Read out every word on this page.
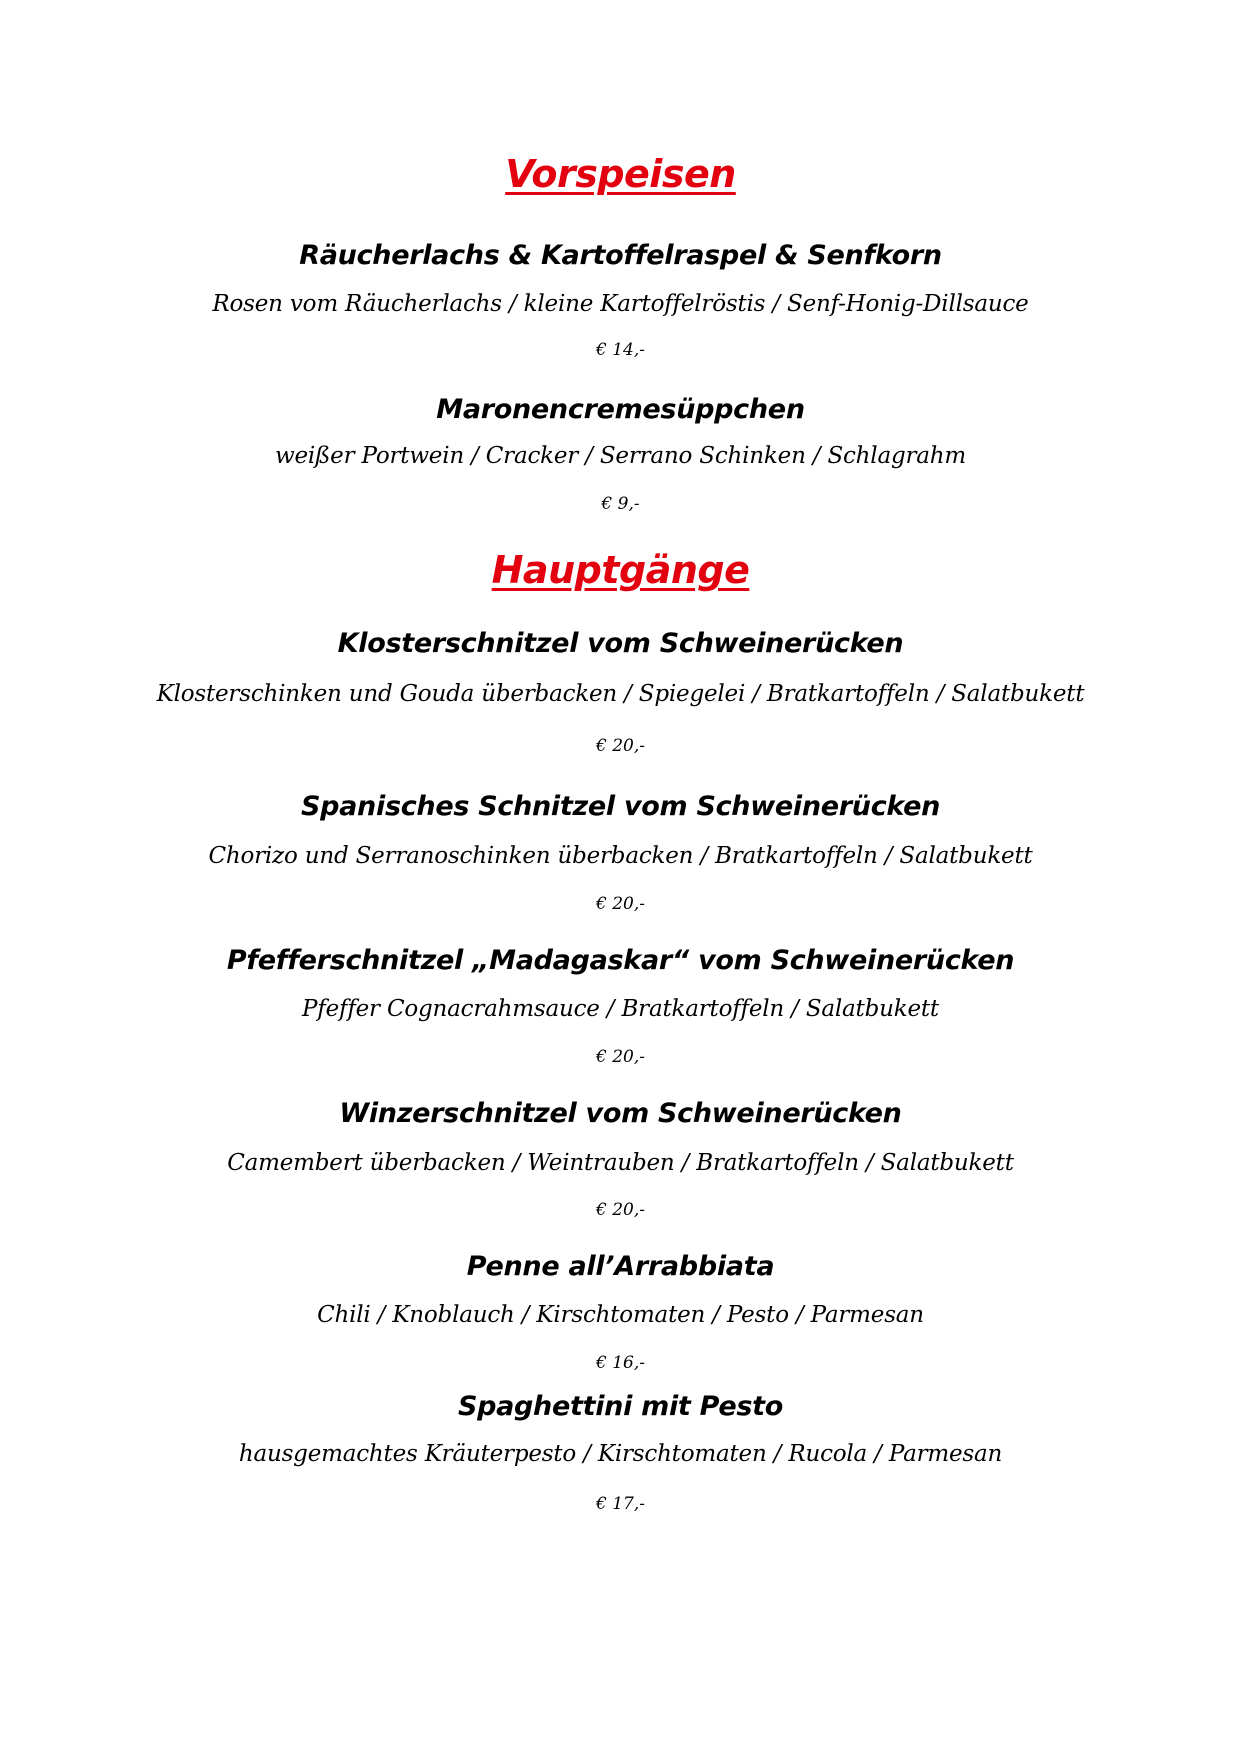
Vorspeisen
Räucherlachs & Kartoffelraspel & Senfkorn
Rosen vom Räucherlachs / kleine Kartoffelröstis / Senf-Honig-Dillsauce
€ 14,-
Maronencremesüppchen
weißer Portwein / Cracker / Serrano Schinken / Schlagrahm
€ 9,-
Hauptgänge
Klosterschnitzel vom Schweinerücken
Klosterschinken und Gouda überbacken / Spiegelei / Bratkartoffeln / Salatbukett
€ 20,-
Spanisches Schnitzel vom Schweinerücken
Chorizo und Serranoschinken überbacken / Bratkartoffeln / Salatbukett
€ 20,-
Pfefferschnitzel „Madagaskar“ vom Schweinerücken
Pfeffer Cognacrahmsauce / Bratkartoffeln / Salatbukett
€ 20,-
Winzerschnitzel vom Schweinerücken
Camembert überbacken / Weintrauben / Bratkartoffeln / Salatbukett
€ 20,-
Penne all’Arrabbiata
Chili / Knoblauch / Kirschtomaten / Pesto / Parmesan
€ 16,-
Spaghettini mit Pesto
hausgemachtes Kräuterpesto / Kirschtomaten / Rucola / Parmesan
€ 17,-
